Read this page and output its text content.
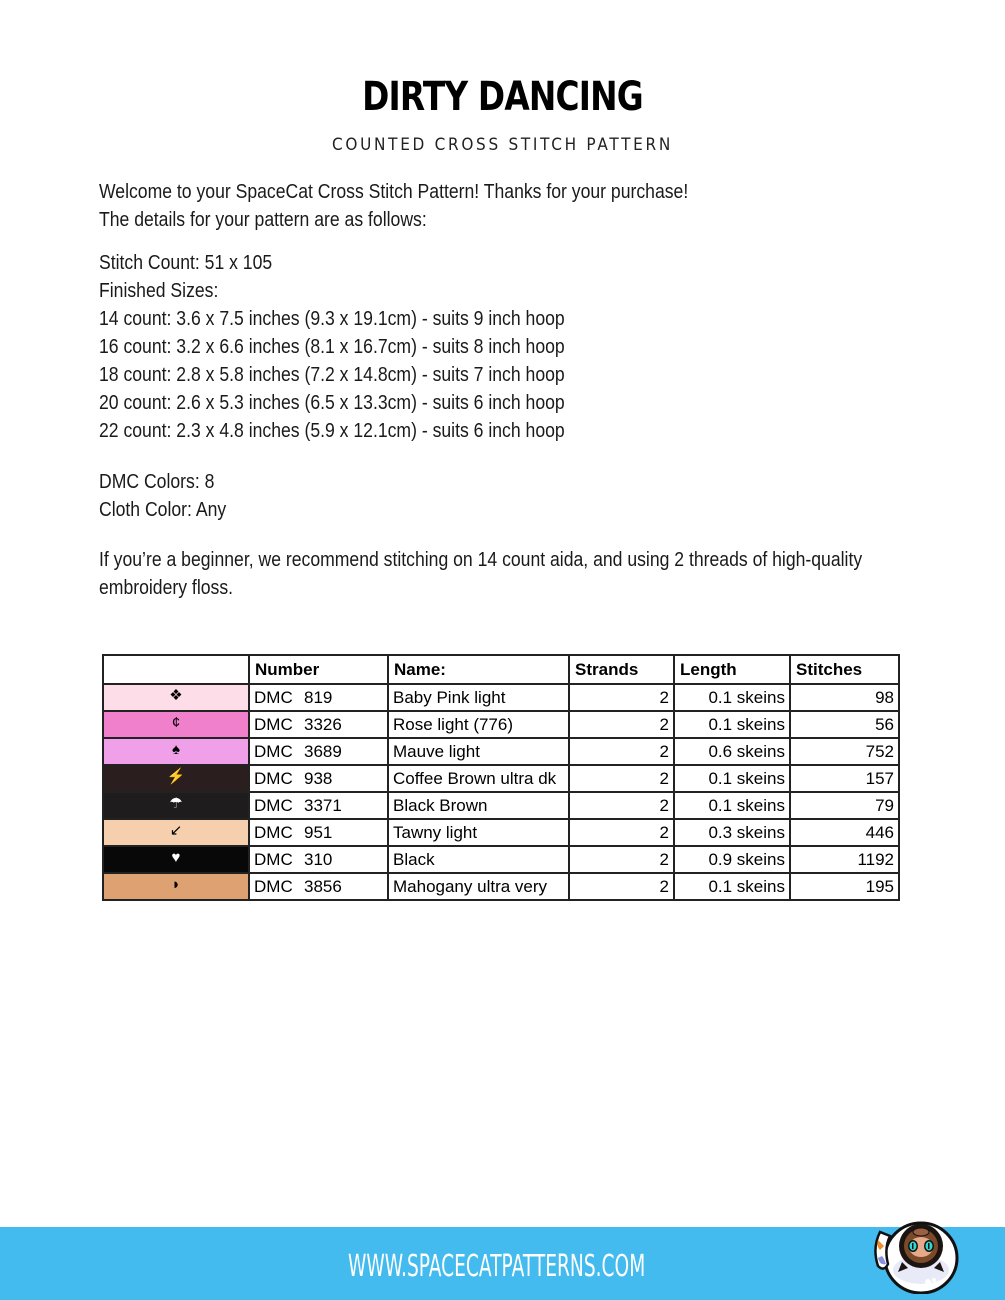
DIRTY DANCING
COUNTED CROSS STITCH PATTERN
Welcome to your SpaceCat Cross Stitch Pattern! Thanks for your purchase!
The details for your pattern are as follows:
Stitch Count: 51 x 105
Finished Sizes:
14 count: 3.6 x 7.5 inches (9.3 x 19.1cm) - suits 9 inch hoop
16 count: 3.2 x 6.6 inches (8.1 x 16.7cm) - suits 8 inch hoop
18 count: 2.8 x 5.8 inches (7.2 x 14.8cm) - suits 7 inch hoop
20 count: 2.6 x 5.3 inches (6.5 x 13.3cm) - suits 6 inch hoop
22 count: 2.3 x 4.8 inches (5.9 x 12.1cm) - suits 6 inch hoop
DMC Colors: 8
Cloth Color: Any
If you’re a beginner, we recommend stitching on 14 count aida, and using 2 threads of high-quality
embroidery floss.
	Number	Name:	Strands	Length	Stitches

❖	DMC 819	Baby Pink light	2	0.1 skeins	98

¢	DMC 3326	Rose light (776)	2	0.1 skeins	56

♠	DMC 3689	Mauve light	2	0.6 skeins	752

⚡	DMC 938	Coffee Brown ultra dk	2	0.1 skeins	157

☂	DMC 3371	Black Brown	2	0.1 skeins	79

↙	DMC 951	Tawny light	2	0.3 skeins	446

♥	DMC 310	Black	2	0.9 skeins	1192

◗	DMC 3856	Mahogany ultra very	2	0.1 skeins	195
WWW.SPACECATPATTERNS.COM
